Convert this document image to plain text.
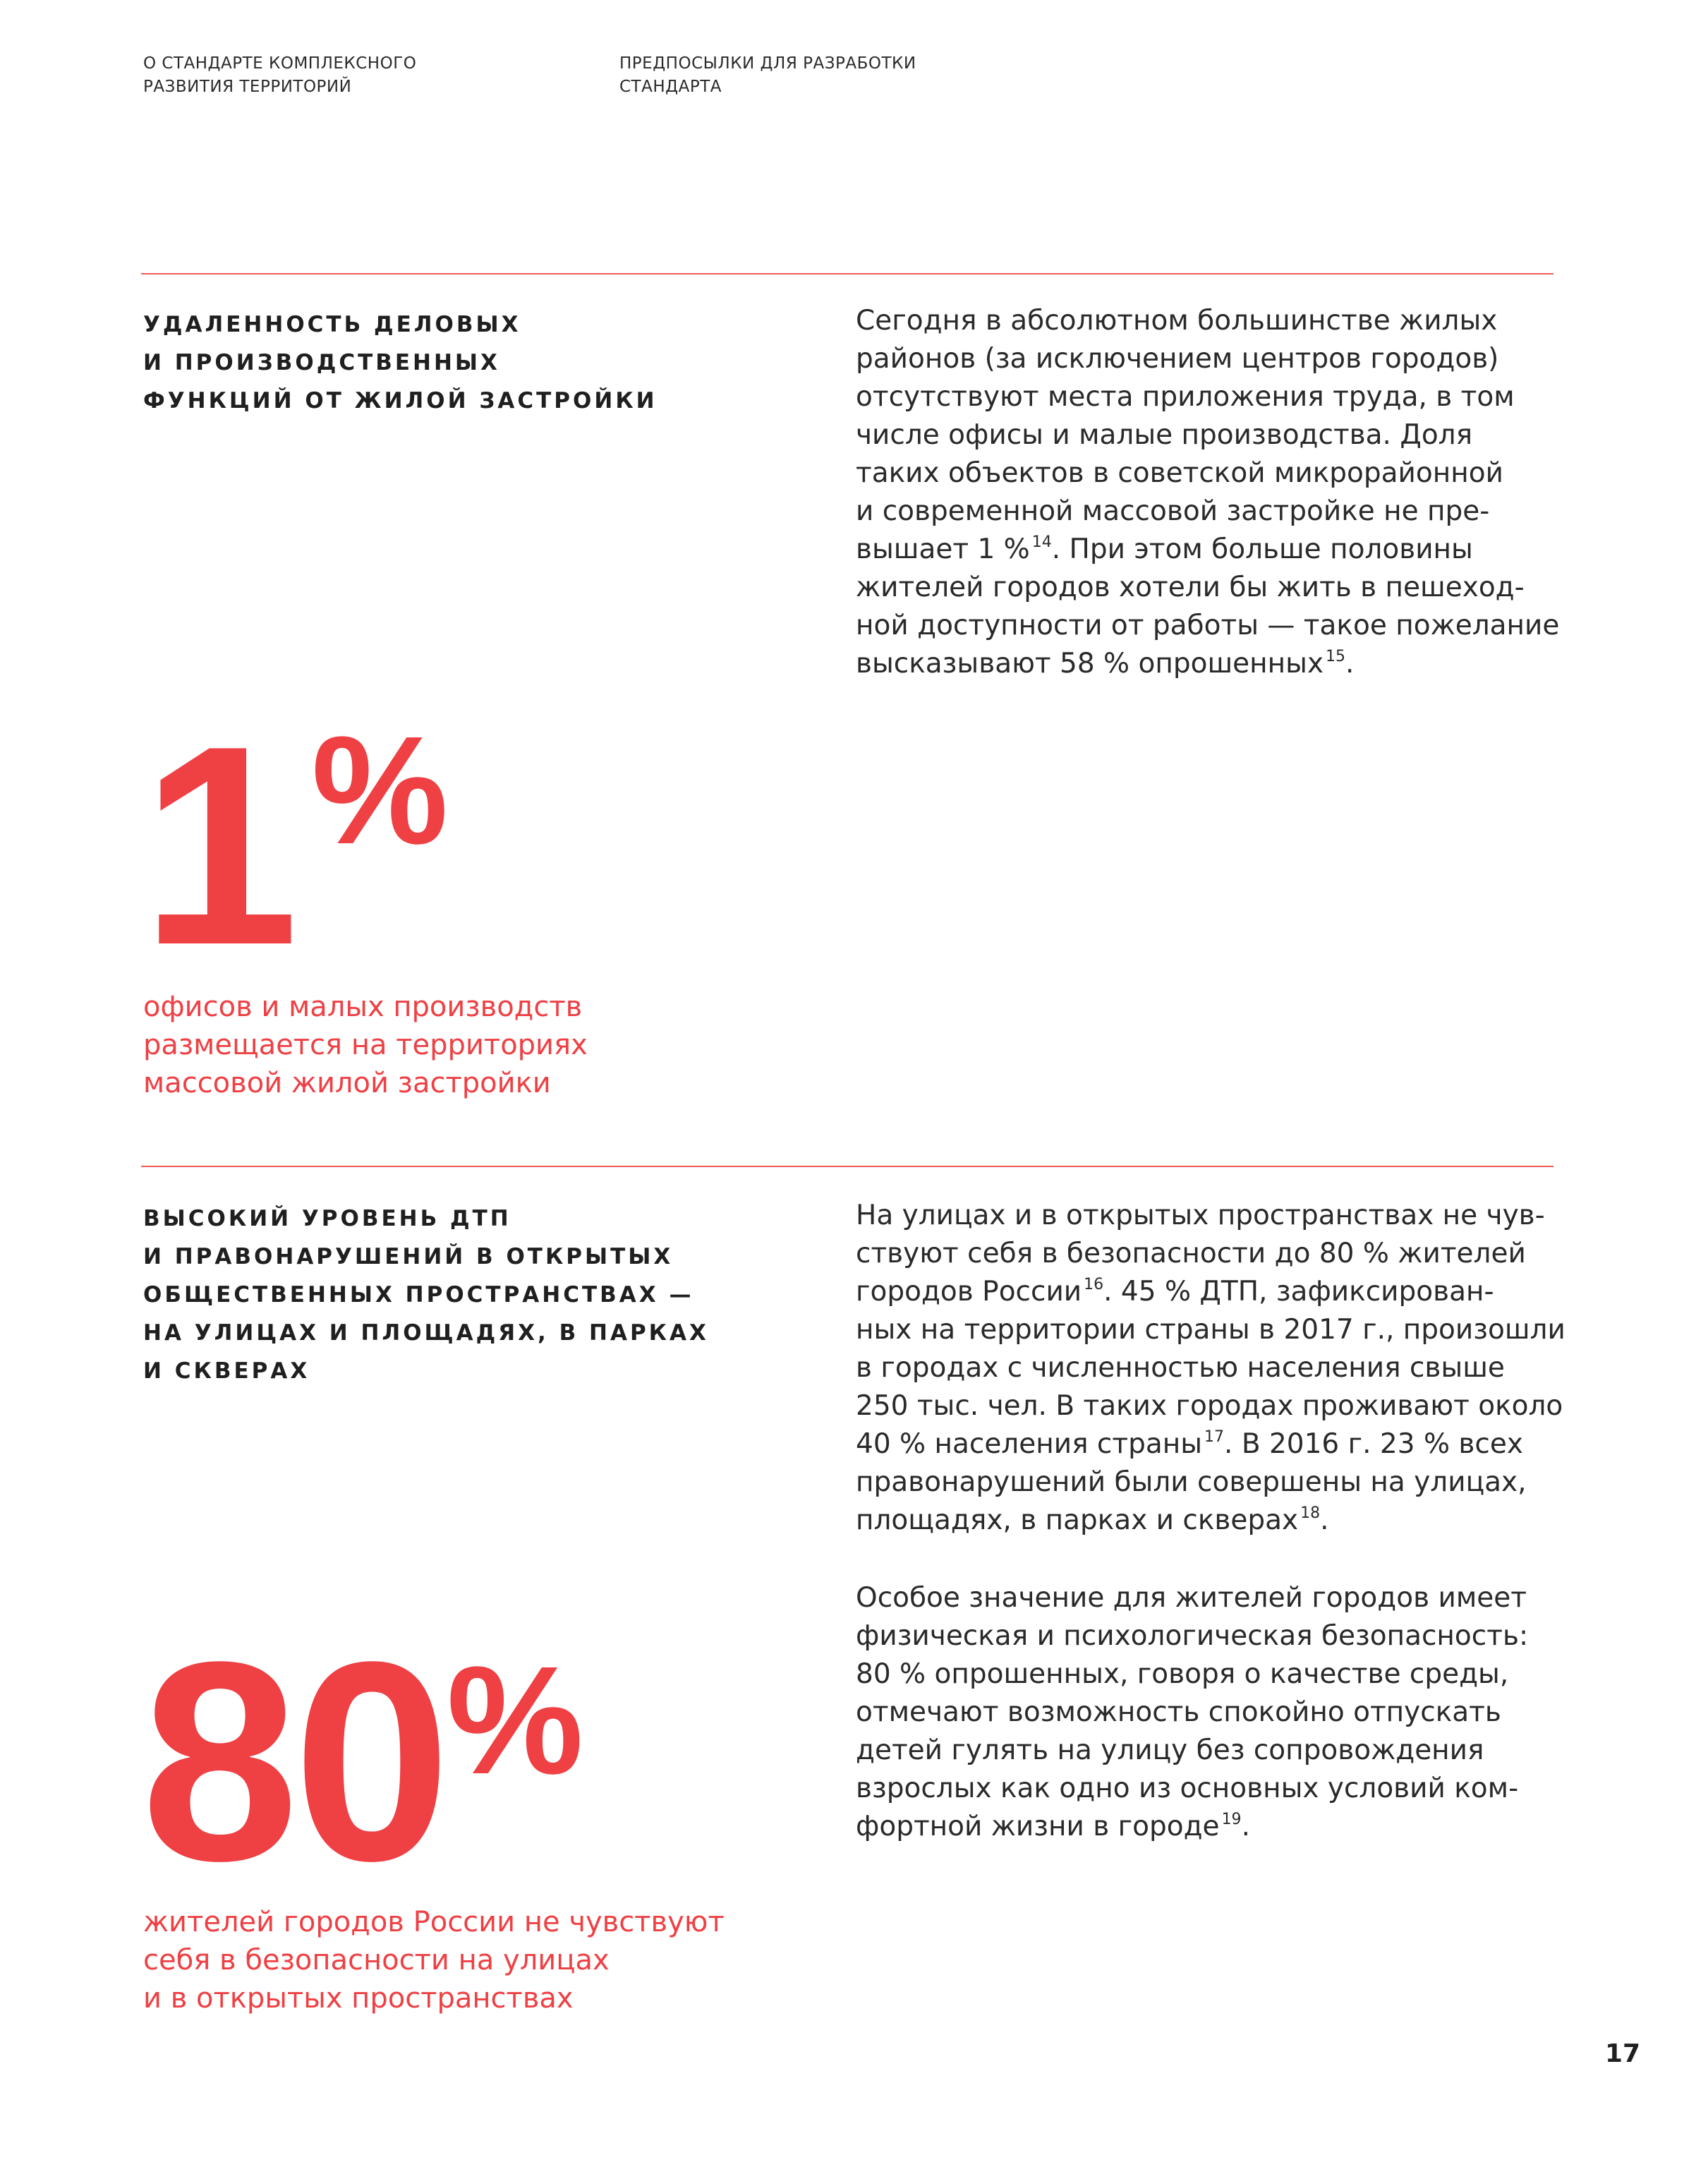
О СТАНДАРТЕ КОМПЛЕКСНОГО
РАЗВИТИЯ ТЕРРИТОРИЙ
ПРЕДПОСЫЛКИ ДЛЯ РАЗРАБОТКИ
СТАНДАРТА
УДАЛЕННОСТЬ ДЕЛОВЫХ
И ПРОИЗВОДСТВЕННЫХ
ФУНКЦИЙ ОТ ЖИЛОЙ ЗАСТРОЙКИ
Сегодня в абсолютном большинстве жилых
районов (за исключением центров городов)
отсутствуют места приложения труда, в том
числе офисы и малые производства. Доля
таких объектов в советской микрорайонной
и современной массовой застройке не пре-
вышает 1 % $^{14}$. При этом больше половины
жителей городов хотели бы жить в пешеход-
ной доступности от работы — такое пожелание
высказывают 58 % опрошенных $^{15}$.
1%
офисов и малых производств
размещается на территориях
массовой жилой застройки
ВЫСОКИЙ УРОВЕНЬ ДТП
И ПРАВОНАРУШЕНИЙ В ОТКРЫТЫХ
ОБЩЕСТВЕННЫХ ПРОСТРАНСТВАХ —
НА УЛИЦАХ И ПЛОЩАДЯХ, В ПАРКАХ
И СКВЕРАХ
На улицах и в открытых пространствах не чув-
ствуют себя в безопасности до 80 % жителей
городов России $^{16}$. 45 % ДТП, зафиксирован-
ных на территории страны в 2017 г., произошли
в городах с численностью населения свыше
250 тыс. чел. В таких городах проживают около
40 % населения страны $^{17}$. В 2016 г. 23 % всех
правонарушений были совершены на улицах,
площадях, в парках и скверах $^{18}$.
Особое значение для жителей городов имеет
физическая и психологическая безопасность:
80 % опрошенных, говоря о качестве среды,
отмечают возможность спокойно отпускать
детей гулять на улицу без сопровождения
взрослых как одно из основных условий ком-
фортной жизни в городе $^{19}$.
80%
жителей городов России не чувствуют
себя в безопасности на улицах
и в открытых пространствах
17
